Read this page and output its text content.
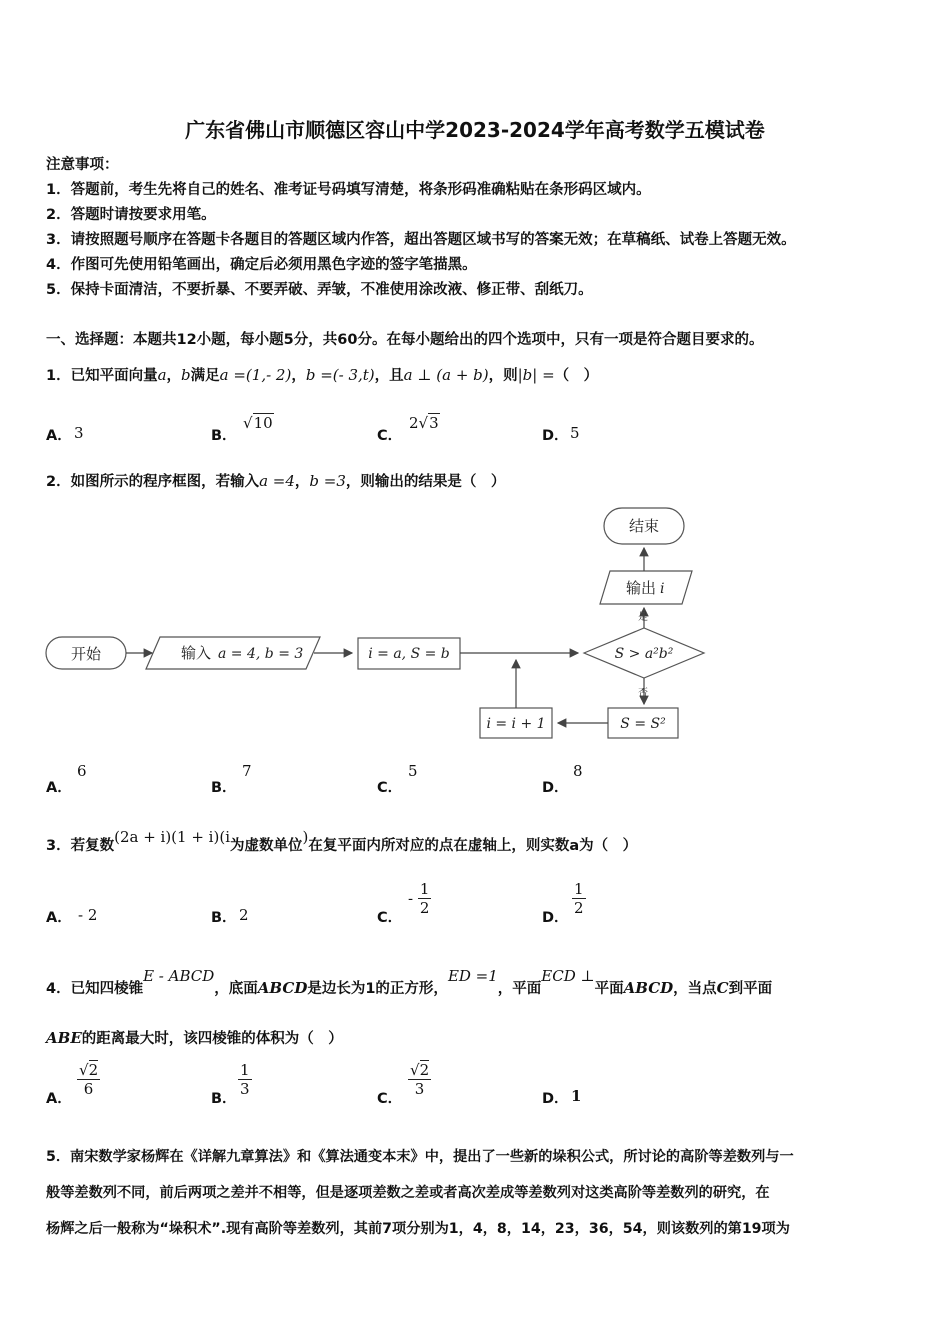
广东省佛山市顺德区容山中学2023-2024学年高考数学五模试卷
注意事项：
1．答题前，考生先将自己的姓名、准考证号码填写清楚，将条形码准确粘贴在条形码区域内。
2．答题时请按要求用笔。
3．请按照题号顺序在答题卡各题目的答题区域内作答，超出答题区域书写的答案无效；在草稿纸、试卷上答题无效。
4．作图可先使用铅笔画出，确定后必须用黑色字迹的签字笔描黑。
5．保持卡面清洁，不要折暴、不要弄破、弄皱，不准使用涂改液、修正带、刮纸刀。
一、选择题：本题共12小题，每小题5分，共60分。在每小题给出的四个选项中，只有一项是符合题目要求的。
1．已知平面向量a，b满足a =(1,- 2)，b =(- 3,t)，且a ⊥ (a + b)，则|b| =（　）
A． 3	B．
√10
C．
2√3
D． 5
2．如图所示的程序框图，若输入a =4，b =3，则输出的结果是（　）
开始	输入 a = 4, b = 3	i = a, S = b	S > a²b²
是
输出 i
结束
否
S = S²
i = i + 1
A．
6
B．
7
C．
5
D．
8
3．若复数(2a + i)(1 + i)(i为虚数单位)在复平面内所对应的点在虚轴上，则实数a为（　）
A． - 2	B． 2	C．
- $\frac{1}{2}$
D．
$\frac{1}{2}$
4．已知四棱锥E - ABCD，底面ABCD是边长为1的正方形，ED =1，平面ECD ⊥平面ABCD，当点C到平面
ABE的距离最大时，该四棱锥的体积为（　）
A．
$\frac{√2}{6}$
B．
$\frac{1}{3}$
C．
$\frac{√2}{3}$
D． 1
5．南宋数学家杨辉在《详解九章算法》和《算法通变本末》中，提出了一些新的垛积公式，所讨论的高阶等差数列与一
般等差数列不同，前后两项之差并不相等，但是逐项差数之差或者高次差成等差数列对这类高阶等差数列的研究，在
杨辉之后一般称为“垛积术”.现有高阶等差数列，其前7项分别为1，4，8，14，23，36，54，则该数列的第19项为
